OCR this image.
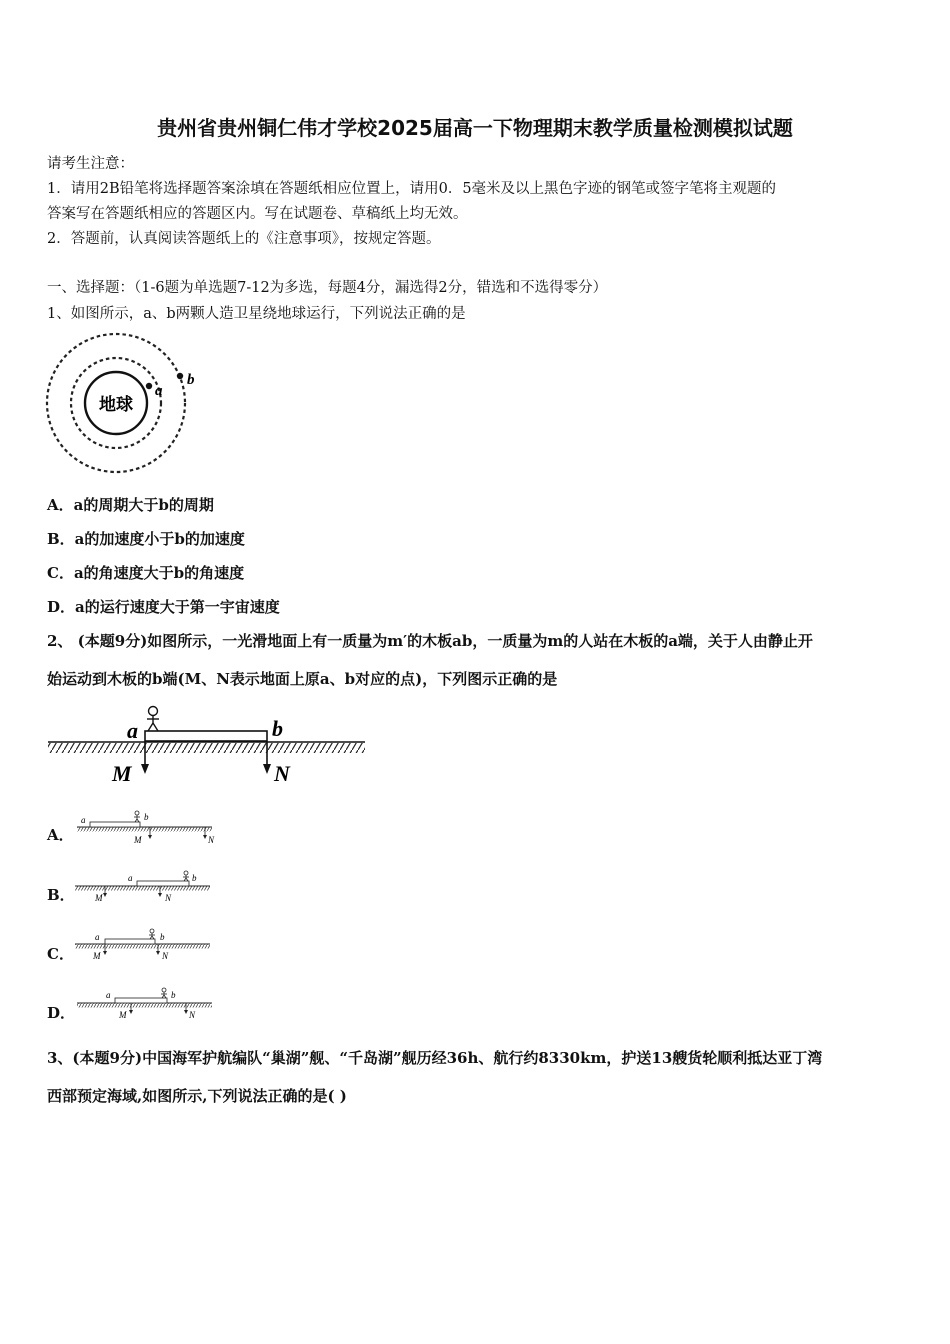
贵州省贵州铜仁伟才学校2025届高一下物理期末教学质量检测模拟试题
请考生注意：
1．请用2B铅笔将选择题答案涂填在答题纸相应位置上，请用0．5毫米及以上黑色字迹的钢笔或签字笔将主观题的
答案写在答题纸相应的答题区内。写在试题卷、草稿纸上均无效。
2．答题前，认真阅读答题纸上的《注意事项》，按规定答题。
一、选择题：（1-6题为单选题7-12为多选，每题4分，漏选得2分，错选和不选得零分）
1、如图所示，a、b两颗人造卫星绕地球运行，下列说法正确的是
地球
a
b
A．a的周期大于b的周期
B．a的加速度小于b的加速度
C．a的角速度大于b的角速度
D．a的运行速度大于第一宇宙速度
2、 (本题9分)如图所示，一光滑地面上有一质量为m′的木板ab，一质量为m的人站在木板的a端，关于人由静止开
始运动到木板的b端(M、N表示地面上原a、b对应的点)，下列图示正确的是
a	b
M	N
A．
a	b
M	N
B．
a	b
M	N
C．
a	b
M	N
D．
a	b
M	N
3、(本题9分)中国海军护航编队“巢湖”舰、“千岛湖”舰历经36h、航行约8330km，护送13艘货轮顺利抵达亚丁湾
西部预定海域,如图所示,下列说法正确的是( )
